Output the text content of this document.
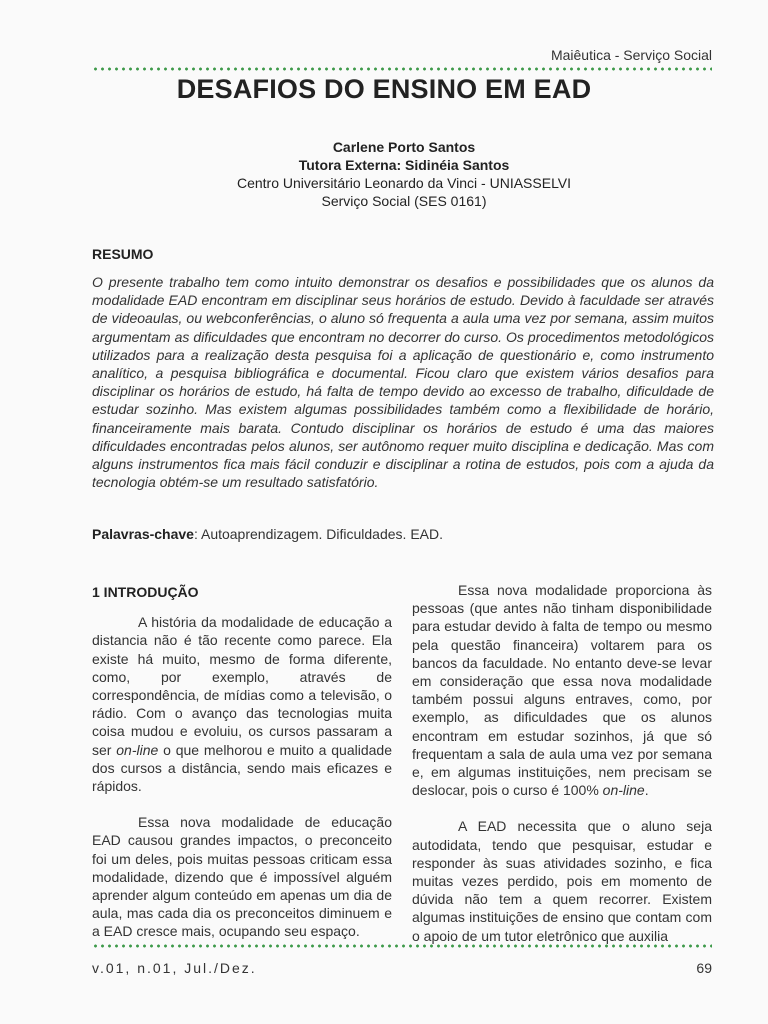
Maiêutica - Serviço Social
DESAFIOS DO ENSINO EM EAD
Carlene Porto Santos
Tutora Externa: Sidinéia Santos
Centro Universitário Leonardo da Vinci - UNIASSELVI
Serviço Social (SES 0161)
RESUMO
O presente trabalho tem como intuito demonstrar os desafios e possibilidades que os alunos da modalidade EAD encontram em disciplinar seus horários de estudo. Devido à faculdade ser através de videoaulas, ou webconferências, o aluno só frequenta a aula uma vez por semana, assim muitos argumentam as dificuldades que encontram no decorrer do curso. Os procedimentos metodológicos utilizados para a realização desta pesquisa foi a aplicação de questionário e, como instrumento analítico, a pesquisa bibliográfica e documental. Ficou claro que existem vários desafios para disciplinar os horários de estudo, há falta de tempo devido ao excesso de trabalho, dificuldade de estudar sozinho. Mas existem algumas possibilidades também como a flexibilidade de horário, financeiramente mais barata. Contudo disciplinar os horários de estudo é uma das maiores dificuldades encontradas pelos alunos, ser autônomo requer muito disciplina e dedicação. Mas com alguns instrumentos fica mais fácil conduzir e disciplinar a rotina de estudos, pois com a ajuda da tecnologia obtém-se um resultado satisfatório.
Palavras-chave: Autoaprendizagem. Dificuldades. EAD.
1 INTRODUÇÃO

A história da modalidade de educação a distancia não é tão recente como parece. Ela existe há muito, mesmo de forma diferente, como, por exemplo, através de correspondência, de mídias como a televisão, o rádio. Com o avanço das tecnologias muita coisa mudou e evoluiu, os cursos passaram a ser on-line o que melhorou e muito a qualidade dos cursos a distância, sendo mais eficazes e rápidos.

Essa nova modalidade de educação EAD causou grandes impactos, o preconceito foi um deles, pois muitas pessoas criticam essa modalidade, dizendo que é impossível alguém aprender algum conteúdo em apenas um dia de aula, mas cada dia os preconceitos diminuem e a EAD cresce mais, ocupando seu espaço.

Essa nova modalidade proporciona às pessoas (que antes não tinham disponibilidade para estudar devido à falta de tempo ou mesmo pela questão financeira) voltarem para os bancos da faculdade. No entanto deve-se levar em consideração que essa nova modalidade também possui alguns entraves, como, por exemplo, as dificuldades que os alunos encontram em estudar sozinhos, já que só frequentam a sala de aula uma vez por semana e, em algumas instituições, nem precisam se deslocar, pois o curso é 100% on-line.

A EAD necessita que o aluno seja autodidata, tendo que pesquisar, estudar e responder às suas atividades sozinho, e fica muitas vezes perdido, pois em momento de dúvida não tem a quem recorrer. Existem algumas instituições de ensino que contam com o apoio de um tutor eletrônico que auxilia

v.01, n.01, Jul./Dez.	69
